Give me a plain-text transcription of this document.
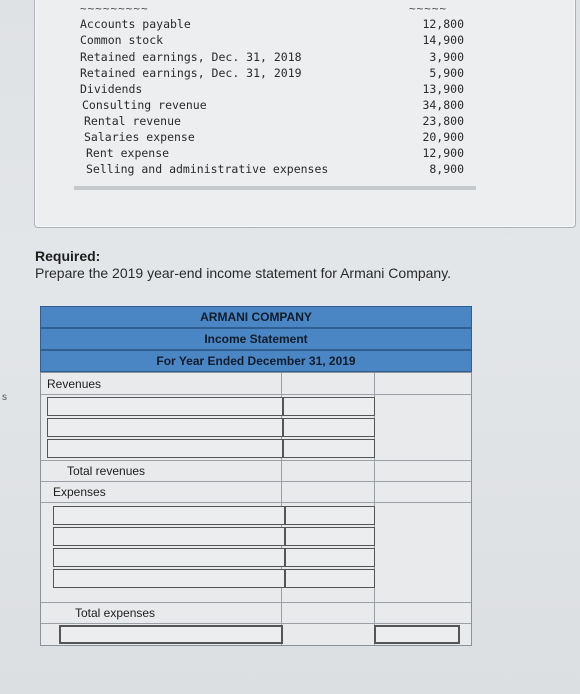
~~~~~~~~~	~~~~~
Accounts payable	12,800
Common stock	14,900
Retained earnings, Dec. 31, 2018	3,900
Retained earnings, Dec. 31, 2019	5,900
Dividends	13,900
Consulting revenue	34,800
Rental revenue	23,800
Salaries expense	20,900
Rent expense	12,900
Selling and administrative expenses	8,900
s
Required:
Prepare the 2019 year-end income statement for Armani Company.
ARMANI COMPANY
Income Statement
For Year Ended December 31, 2019
Revenues
Total revenues
Expenses
Total expenses
